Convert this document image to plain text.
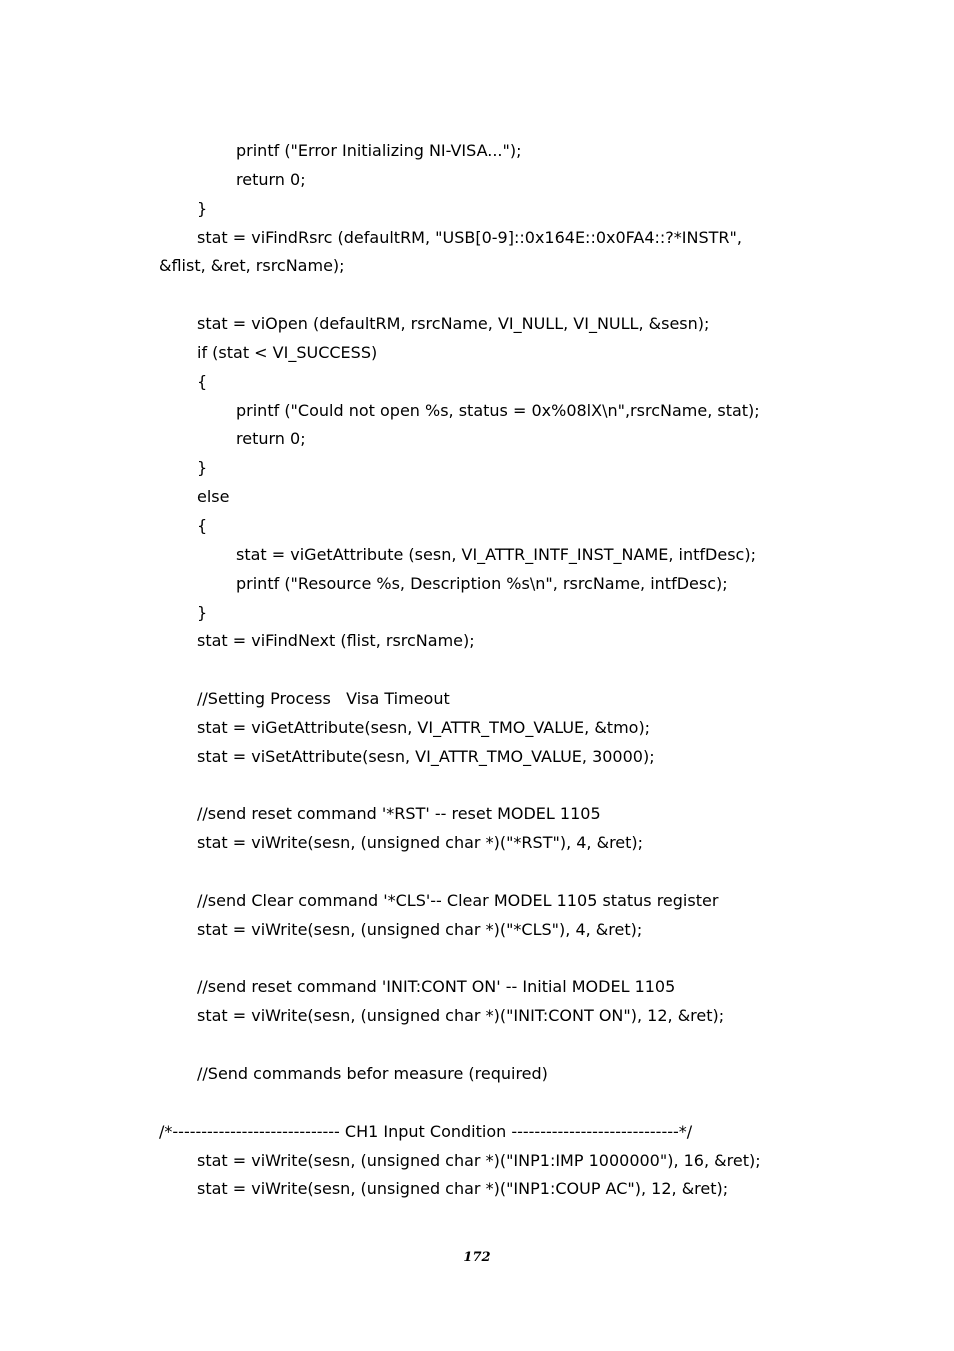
printf ("Error Initializing NI-VISA...");
return 0;
}
stat = viFindRsrc (defaultRM, "USB[0-9]::0x164E::0x0FA4::?*INSTR",
&flist, &ret, rsrcName);
stat = viOpen (defaultRM, rsrcName, VI_NULL, VI_NULL, &sesn);
if (stat < VI_SUCCESS)
{
printf ("Could not open %s, status = 0x%08lX\n",rsrcName, stat);
return 0;
}
else
{
stat = viGetAttribute (sesn, VI_ATTR_INTF_INST_NAME, intfDesc);
printf ("Resource %s, Description %s\n", rsrcName, intfDesc);
}
stat = viFindNext (flist, rsrcName);
//Setting Process   Visa Timeout
stat = viGetAttribute(sesn, VI_ATTR_TMO_VALUE, &tmo);
stat = viSetAttribute(sesn, VI_ATTR_TMO_VALUE, 30000);
//send reset command '*RST' -- reset MODEL 1105
stat = viWrite(sesn, (unsigned char *)("*RST"), 4, &ret);
//send Clear command '*CLS'-- Clear MODEL 1105 status register
stat = viWrite(sesn, (unsigned char *)("*CLS"), 4, &ret);
//send reset command 'INIT:CONT ON' -- Initial MODEL 1105
stat = viWrite(sesn, (unsigned char *)("INIT:CONT ON"), 12, &ret);
//Send commands befor measure (required)
/*----------------------------- CH1 Input Condition -----------------------------*/
stat = viWrite(sesn, (unsigned char *)("INP1:IMP 1000000"), 16, &ret);
stat = viWrite(sesn, (unsigned char *)("INP1:COUP AC"), 12, &ret);
172
